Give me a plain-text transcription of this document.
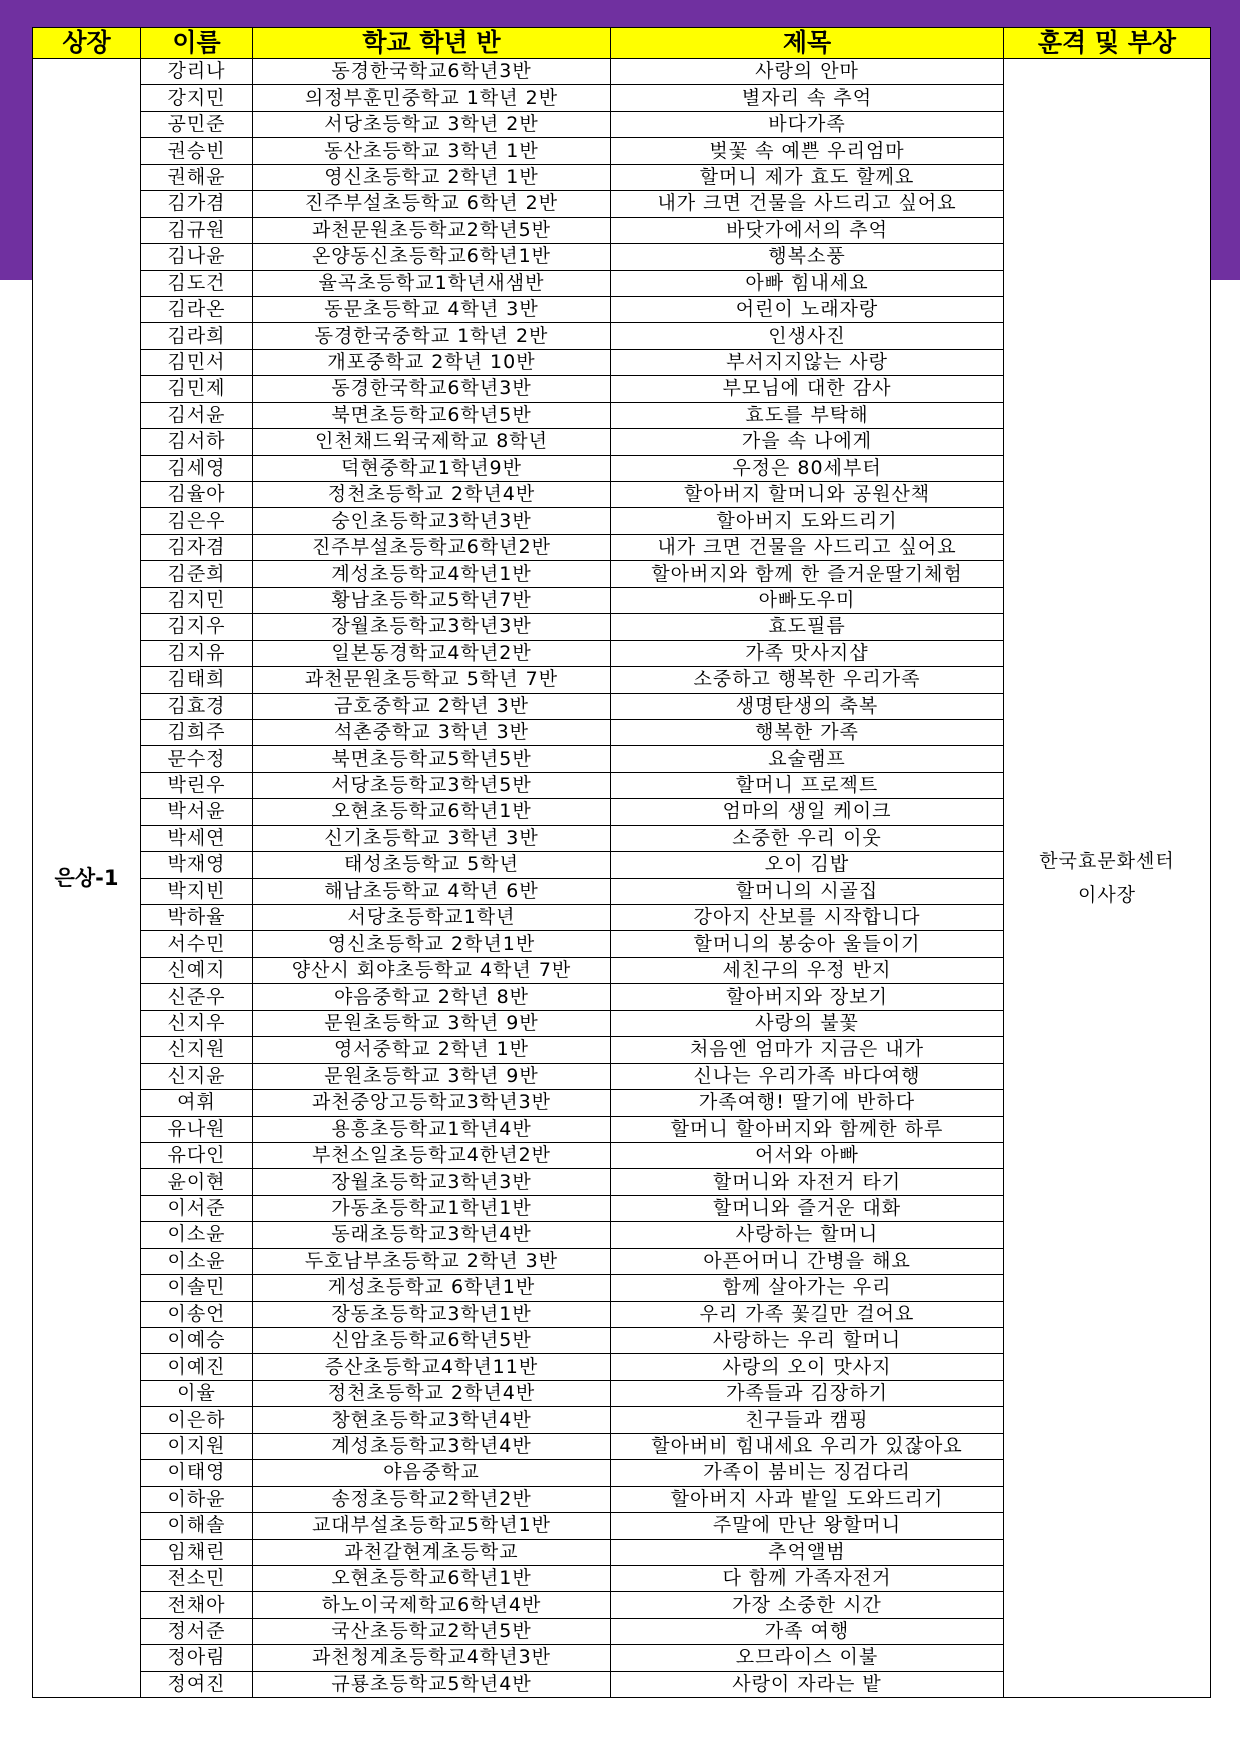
상장	이름	학교 학년 반	제목	훈격 및 부상
은상-1	강리나	동경한국학교6학년3반	사랑의 안마	한국효문화센터
이사장

	강지민	의정부훈민중학교 1학년 2반	별자리 속 추억	
	공민준	서당초등학교 3학년 2반	바다가족	
	권승빈	동산초등학교 3학년 1반	벚꽃 속 예쁜 우리엄마	
	권해윤	영신초등학교 2학년 1반	할머니 제가 효도 할께요	
	김가겸	진주부설초등학교 6학년 2반	내가 크면 건물을 사드리고 싶어요	
	김규원	과천문원초등학교2학년5반	바닷가에서의 추억	
	김나윤	온양동신초등학교6학년1반	행복소풍	
	김도건	율곡초등학교1학년새샘반	아빠 힘내세요	
	김라온	동문초등학교 4학년 3반	어린이 노래자랑	
	김라희	동경한국중학교 1학년 2반	인생사진	
	김민서	개포중학교 2학년 10반	부서지지않는 사랑	
	김민제	동경한국학교6학년3반	부모님에 대한 감사	
	김서윤	북면초등학교6학년5반	효도를 부탁해	
	김서하	인천채드윅국제학교 8학년	가을 속 나에게	
	김세영	덕현중학교1학년9반	우정은 80세부터	
	김율아	정천초등학교 2학년4반	할아버지 할머니와 공원산책	
	김은우	숭인초등학교3학년3반	할아버지 도와드리기	
	김자겸	진주부설초등학교6학년2반	내가 크면 건물을 사드리고 싶어요	
	김준희	계성초등학교4학년1반	할아버지와 함께 한 즐거운딸기체험	
	김지민	황남초등학교5학년7반	아빠도우미	
	김지우	장월초등학교3학년3반	효도필름	
	김지유	일본동경학교4학년2반	가족 맛사지샵	
	김태희	과천문원초등학교 5학년 7반	소중하고 행복한 우리가족	
	김효경	금호중학교 2학년 3반	생명탄생의 축복	
	김희주	석촌중학교 3학년 3반	행복한 가족	
	문수정	북면초등학교5학년5반	요술램프	
	박린우	서당초등학교3학년5반	할머니 프로젝트	
	박서윤	오현초등학교6학년1반	엄마의 생일 케이크	
	박세연	신기초등학교 3학년 3반	소중한 우리 이웃	
	박재영	태성초등학교 5학년	오이 김밥	
	박지빈	해남초등학교 4학년 6반	할머니의 시골집	
	박하율	서당초등학교1학년	강아지 산보를 시작합니다	
	서수민	영신초등학교 2학년1반	할머니의 봉숭아 울들이기	
	신예지	양산시 회야초등학교 4학년 7반	세친구의 우정 반지	
	신준우	야음중학교 2학년 8반	할아버지와 장보기	
	신지우	문원초등학교 3학년 9반	사랑의 불꽃	
	신지원	영서중학교 2학년 1반	처음엔 엄마가 지금은 내가	
	신지윤	문원초등학교 3학년 9반	신나는 우리가족 바다여행	
	여휘	과천중앙고등학교3학년3반	가족여행! 딸기에 반하다	
	유나원	용흥초등학교1학년4반	할머니 할아버지와 함께한 하루	
	유다인	부천소일초등학교4한년2반	어서와 아빠	
	윤이현	장월초등학교3학년3반	할머니와 자전거 타기	
	이서준	가동초등학교1학년1반	할머니와 즐거운 대화	
	이소윤	동래초등학교3학년4반	사랑하는 할머니	
	이소윤	두호남부초등학교 2학년 3반	아픈어머니 간병을 해요	
	이솔민	게성초등학교 6학년1반	함께 살아가는 우리	
	이송언	장동초등학교3학년1반	우리 가족 꽃길만 걸어요	
	이예승	신암초등학교6학년5반	사랑하는 우리 할머니	
	이예진	증산초등학교4학년11반	사랑의 오이 맛사지	
	이율	정천초등학교 2학년4반	가족들과 김장하기	
	이은하	창현초등학교3학년4반	친구들과 캠핑	
	이지원	계성초등학교3학년4반	할아버비 힘내세요 우리가 있잖아요	
	이태영	야음중학교	가족이 붐비는 징검다리	
	이하윤	송정초등학교2학년2반	할아버지 사과 밭일 도와드리기	
	이해솔	교대부설초등학교5학년1반	주말에 만난 왕할머니	
	임채린	과천갈현계초등학교	추억앨범	
	전소민	오현초등학교6학년1반	다 함께 가족자전거	
	전채아	하노이국제학교6학년4반	가장 소중한 시간	
	정서준	국산초등학교2학년5반	가족 여행	
	정아림	과천청계초등학교4학년3반	오므라이스 이불	
	정여진	규룡초등학교5학년4반	사랑이 자라는 밭	
